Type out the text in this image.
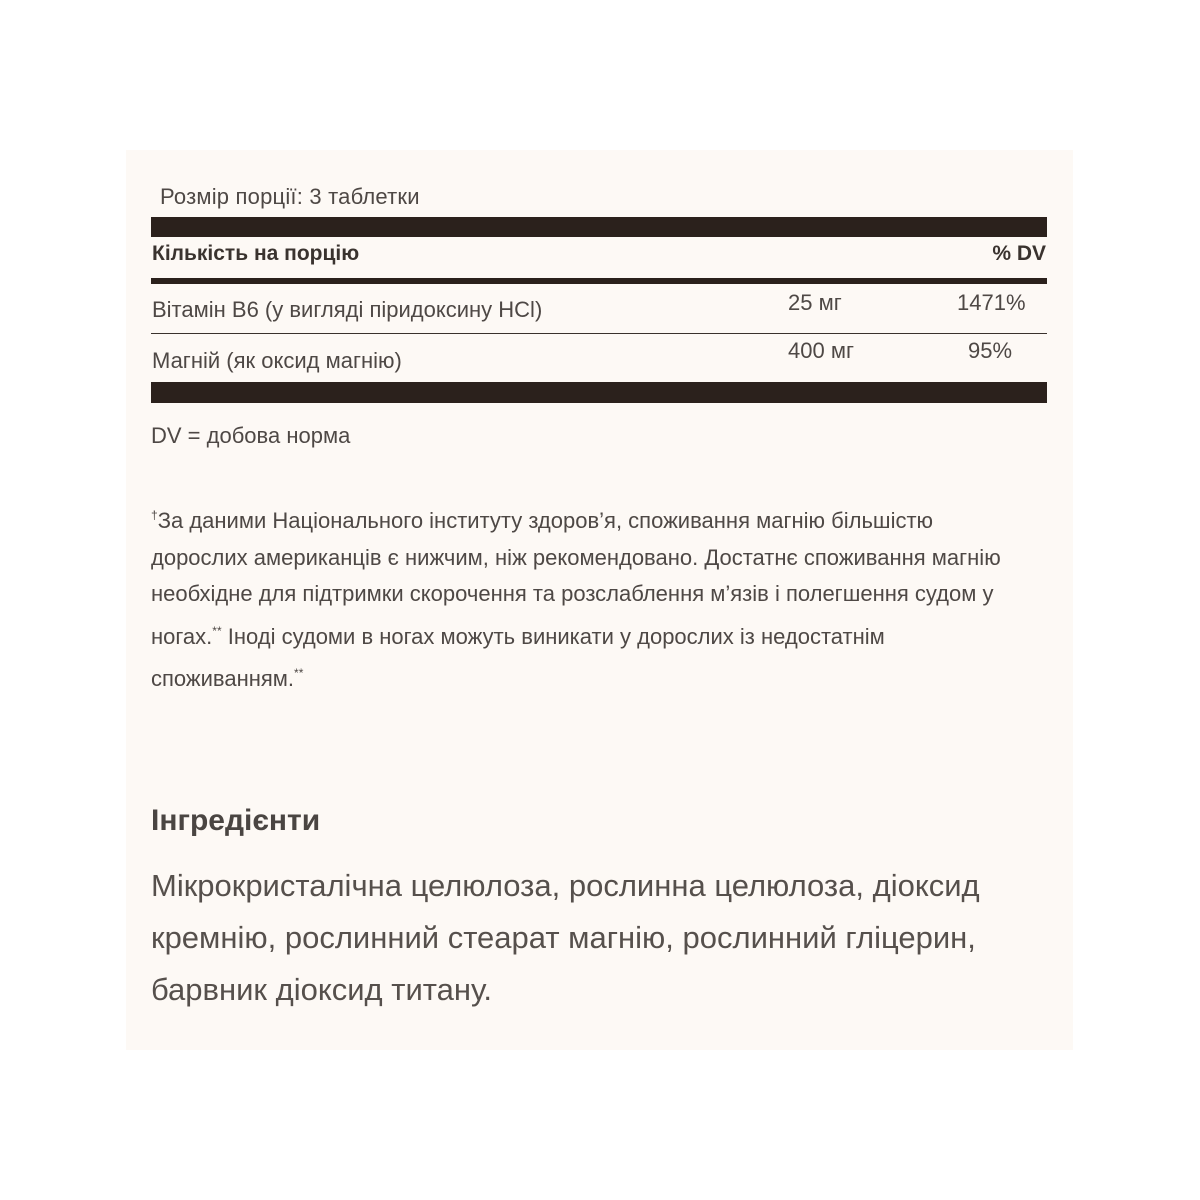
Розмір порції: 3 таблетки
Кількість на порцію	% DV
Вітамін B6 (у вигляді піридоксину HCl)	25 мг	1471%
Магній (як оксид магнію)	400 мг	95%
DV = добова норма
†За даними Національного інституту здоров’я, споживання магнію більшістю дорослих американців є нижчим, ніж рекомендовано. Достатнє споживання магнію необхідне для підтримки скорочення та розслаблення м’язів і полегшення судом у ногах.** Іноді судоми в ногах можуть виникати у дорослих із недостатнім споживанням.**
Інгредієнти
Мікрокристалічна целюлоза, рослинна целюлоза, діоксид кремнію, рослинний стеарат магнію, рослинний гліцерин, барвник діоксид титану.
